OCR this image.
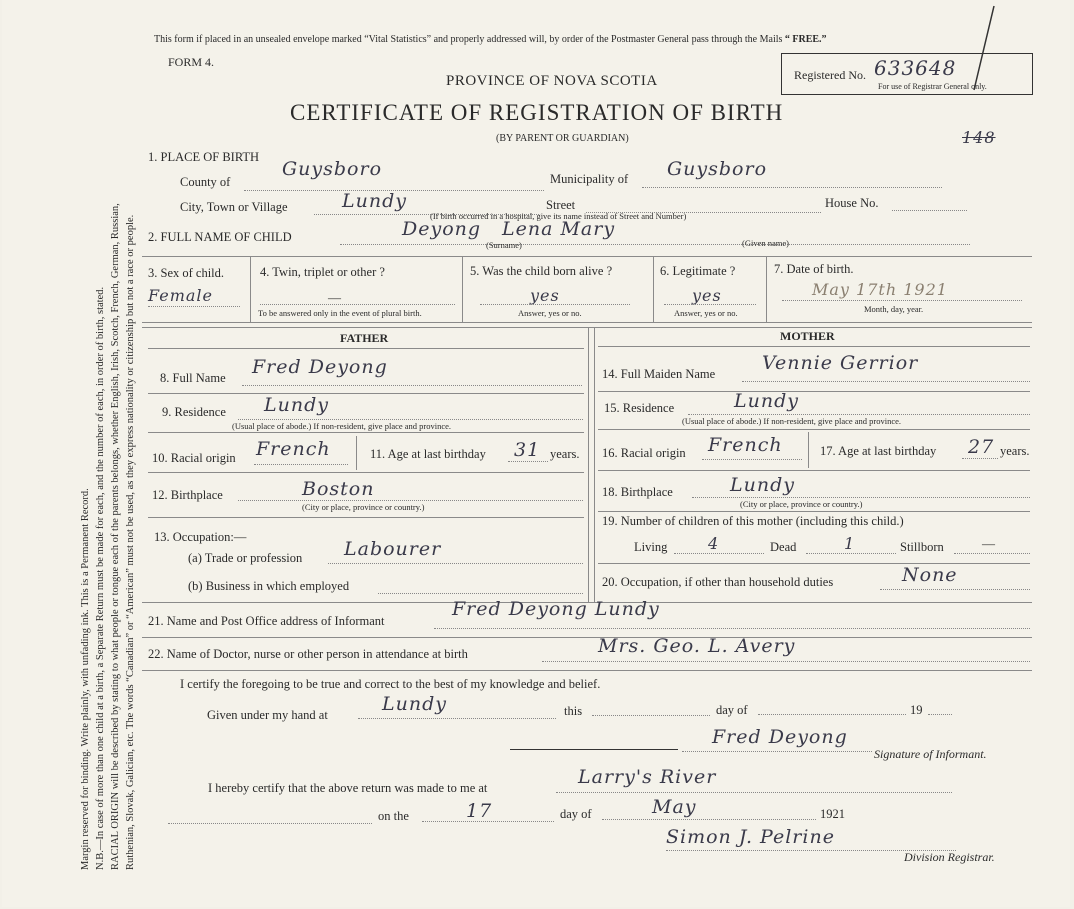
Margin reserved for binding. Write plainly, with unfading ink. This is a Permanent Record. N.B.—In case of more than one child at a birth, a Separate Return must be made for each, and the number of each, in order of birth, stated. RACIAL ORIGIN will be described by stating to what people or tongue each of the parents belongs, whether English, Irish, Scotch, French, German, Russian, Ruthenian, Slovak, Galician, etc. The words “Canadian” or “American” must not be used, as they express nationality or citizenship but not a race or people.
This form if placed in an unsealed envelope marked “Vital Statistics” and properly addressed will, by order of the Postmaster General pass through the Mails “ FREE.”
FORM 4.
PROVINCE OF NOVA SCOTIA
CERTIFICATE OF REGISTRATION OF BIRTH
(BY PARENT OR GUARDIAN)
Registered No. 633648
For use of Registrar General only.
148
1. PLACE OF BIRTH
County of
Guysboro	Municipality of Guysboro
City, Town or Village	Lundy	Street	House No.
(If birth occurred in a hospital, give its name instead of Street and Number)
2. FULL NAME OF CHILD	Deyong Lena Mary
(Surname)	(Given name)
3. Sex of child.
Female
4. Twin, triplet or other ?
—
To be answered only in the event of plural birth.
5. Was the child born alive ?
yes
Answer, yes or no.
6. Legitimate ?
yes
Answer, yes or no.
7. Date of birth.
May 17th 1921
Month, day, year.
FATHER	MOTHER
8. Full Name Fred Deyong
9. Residence Lundy
(Usual place of abode.) If non-resident, give place and province.
10. Racial origin French	11. Age at last birthday 31 years.
12. Birthplace	Boston
(City or place, province or country.)
13. Occupation:—
(a) Trade or profession Labourer
(b) Business in which employed
14. Full Maiden Name Vennie Gerrior
15. Residence	Lundy
(Usual place of abode.) If non-resident, give place and province.
16. Racial origin French	17. Age at last birthday 27 years.
18. Birthplace	Lundy
(City or place, province or country.)
19. Number of children of this mother (including this child.)
Living	4	Dead	1	Stillborn	—
20. Occupation, if other than household duties	None
21. Name and Post Office address of Informant
Fred Deyong Lundy
22. Name of Doctor, nurse or other person in attendance at birth	Mrs. Geo. L. Avery
I certify the foregoing to be true and correct to the best of my knowledge and belief.
Given under my hand at	Lundy	this	day of	19
Fred Deyong
Signature of Informant.
I hereby certify that the above return was made to me at	Larry's River
on the	17	day of	May	1921
Simon J. Pelrine
Division Registrar.
